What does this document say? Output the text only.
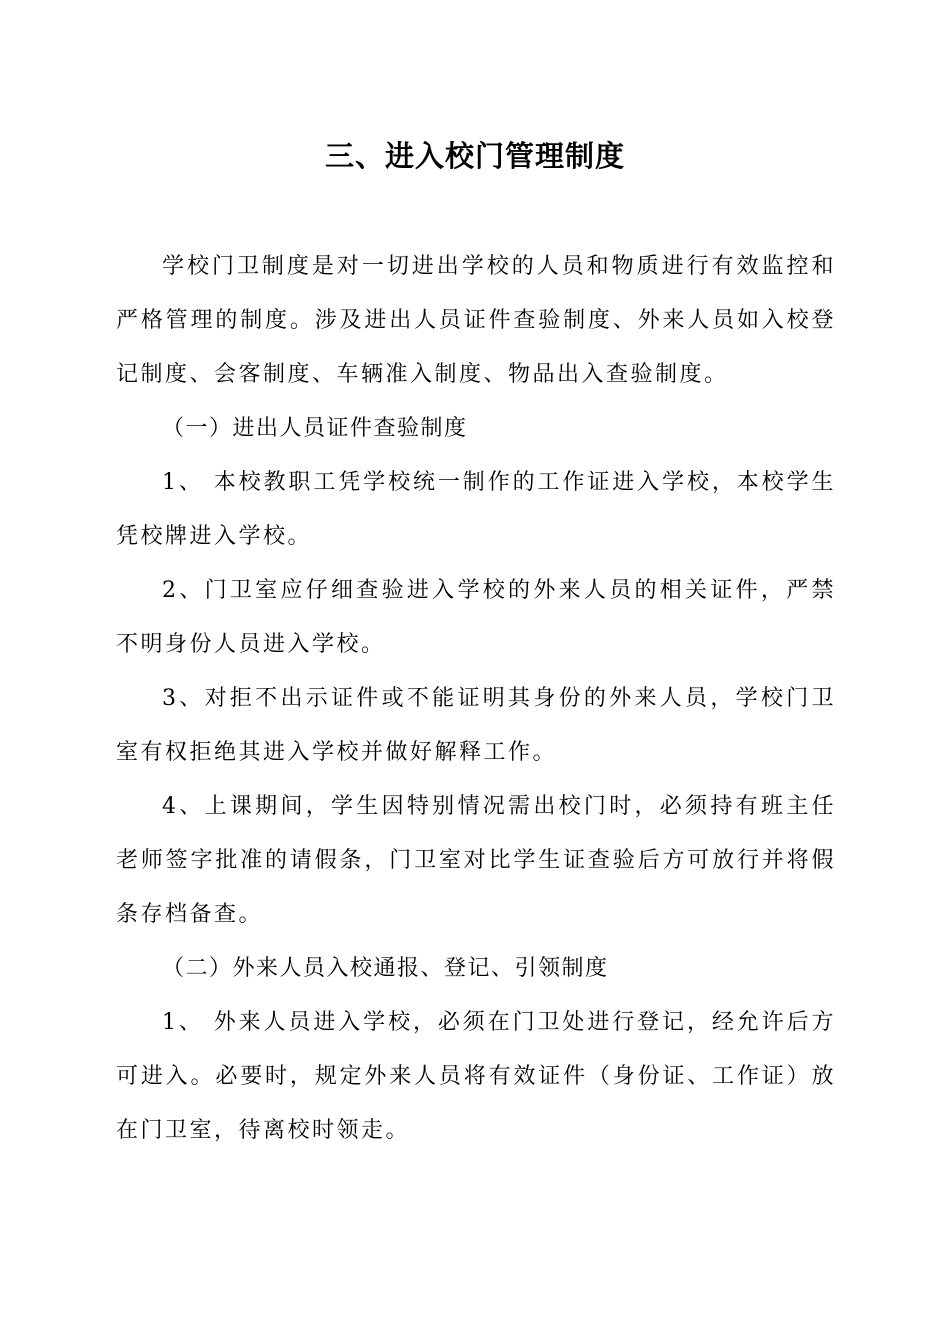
三、进入校门管理制度

学校门卫制度是对一切进出学校的人员和物质进行有效监控和严格管理的制度。涉及进出人员证件查验制度、外来人员如入校登记制度、会客制度、车辆准入制度、物品出入查验制度。

（一）进出人员证件查验制度

1、 本校教职工凭学校统一制作的工作证进入学校，本校学生凭校牌进入学校。

2、门卫室应仔细查验进入学校的外来人员的相关证件，严禁不明身份人员进入学校。

3、对拒不出示证件或不能证明其身份的外来人员，学校门卫室有权拒绝其进入学校并做好解释工作。

4、上课期间，学生因特别情况需出校门时，必须持有班主任老师签字批准的请假条，门卫室对比学生证查验后方可放行并将假条存档备查。

（二）外来人员入校通报、登记、引领制度

1、 外来人员进入学校，必须在门卫处进行登记，经允许后方可进入。必要时，规定外来人员将有效证件（身份证、工作证）放在门卫室，待离校时领走。
